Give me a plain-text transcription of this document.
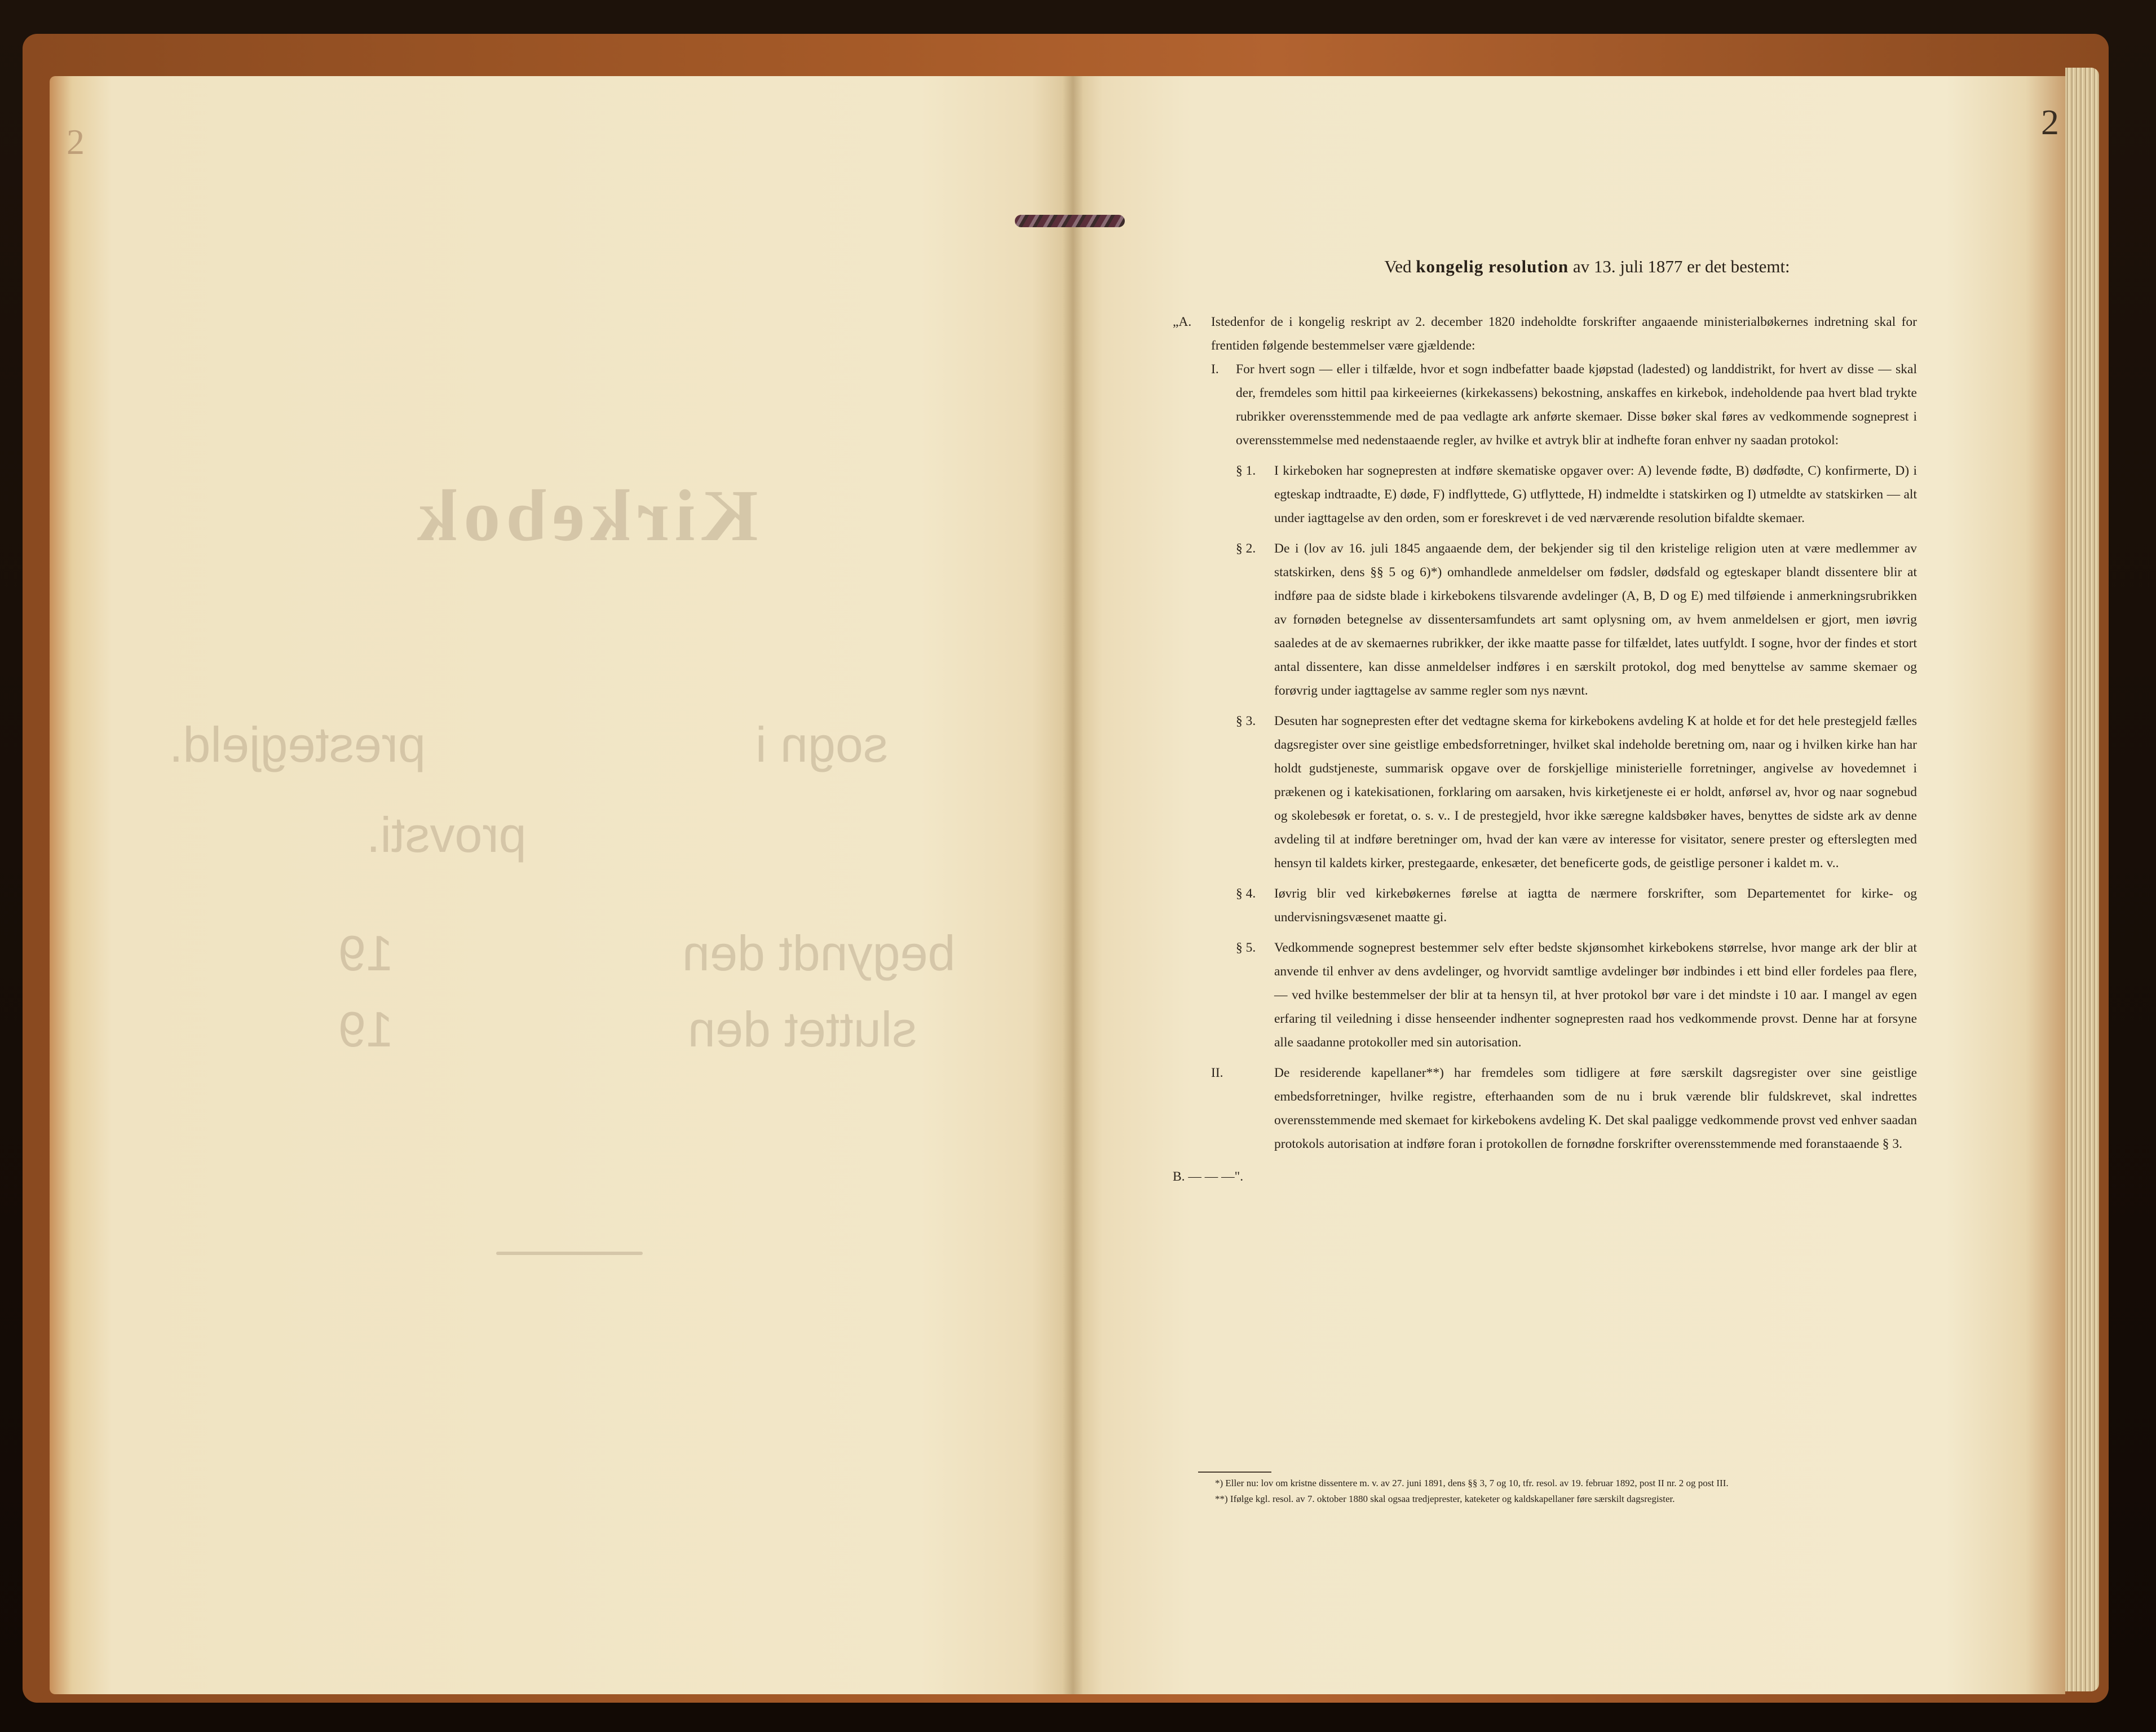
2
Kirkebok
sogn i
prestegjeld.
provsti.
begyndt den
sluttet den
19
19
2
Ved kongelig resolution av 13. juli 1877 er det bestemt:

„A. Istedenfor de i kongelig reskript av 2. december 1820 indeholdte forskrifter angaaende ministerialbøkernes indretning skal for frentiden følgende bestemmelser være gjældende:

I. For hvert sogn — eller i tilfælde, hvor et sogn indbefatter baade kjøpstad (ladested) og landdistrikt, for hvert av disse — skal der, fremdeles som hittil paa kirkeeiernes (kirkekassens) bekostning, anskaffes en kirkebok, indeholdende paa hvert blad trykte rubrikker overensstemmende med de paa vedlagte ark anførte skemaer. Disse bøker skal føres av vedkommende sogneprest i overensstemmelse med nedenstaaende regler, av hvilke et avtryk blir at indhefte foran enhver ny saadan protokol:

§ 1. I kirkeboken har sognepresten at indføre skematiske opgaver over: A) levende fødte, B) dødfødte, C) konfirmerte, D) i egteskap indtraadte, E) døde, F) indflyttede, G) utflyttede, H) indmeldte i statskirken og I) utmeldte av statskirken — alt under iagttagelse av den orden, som er foreskrevet i de ved nærværende resolution bifaldte skemaer.

§ 2. De i (lov av 16. juli 1845 angaaende dem, der bekjender sig til den kristelige religion uten at være medlemmer av statskirken, dens §§ 5 og 6)*) omhandlede anmeldelser om fødsler, dødsfald og egteskaper blandt dissentere blir at indføre paa de sidste blade i kirkebokens tilsvarende avdelinger (A, B, D og E) med tilføiende i anmerkningsrubrikken av fornøden betegnelse av dissentersamfundets art samt oplysning om, av hvem anmeldelsen er gjort, men iøvrig saaledes at de av skemaernes rubrikker, der ikke maatte passe for tilfældet, lates uutfyldt. I sogne, hvor der findes et stort antal dissentere, kan disse anmeldelser indføres i en særskilt protokol, dog med benyttelse av samme skemaer og forøvrig under iagttagelse av samme regler som nys nævnt.

§ 3. Desuten har sognepresten efter det vedtagne skema for kirkebokens avdeling K at holde et for det hele prestegjeld fælles dagsregister over sine geistlige embedsforretninger, hvilket skal indeholde beretning om, naar og i hvilken kirke han har holdt gudstjeneste, summarisk opgave over de forskjellige ministerielle forretninger, angivelse av hovedemnet i prækenen og i katekisationen, forklaring om aarsaken, hvis kirketjeneste ei er holdt, anførsel av, hvor og naar sognebud og skolebesøk er foretat, o. s. v.. I de prestegjeld, hvor ikke særegne kaldsbøker haves, benyttes de sidste ark av denne avdeling til at indføre beretninger om, hvad der kan være av interesse for visitator, senere prester og efterslegten med hensyn til kaldets kirker, prestegaarde, enkesæter, det beneficerte gods, de geistlige personer i kaldet m. v..

§ 4. Iøvrig blir ved kirkebøkernes førelse at iagtta de nærmere forskrifter, som Departementet for kirke- og undervisningsvæsenet maatte gi.

§ 5. Vedkommende sogneprest bestemmer selv efter bedste skjønsomhet kirkebokens størrelse, hvor mange ark der blir at anvende til enhver av dens avdelinger, og hvorvidt samtlige avdelinger bør indbindes i ett bind eller fordeles paa flere, — ved hvilke bestemmelser der blir at ta hensyn til, at hver protokol bør vare i det mindste i 10 aar. I mangel av egen erfaring til veiledning i disse henseender indhenter sognepresten raad hos vedkommende provst. Denne har at forsyne alle saadanne protokoller med sin autorisation.

II.	De residerende kapellaner**) har fremdeles som tidligere at føre særskilt dagsregister over sine geistlige embedsforretninger, hvilke registre, efterhaanden som de nu i bruk værende blir fuldskrevet, skal indrettes overensstemmende med skemaet for kirkebokens avdeling K. Det skal paaligge vedkommende provst ved enhver saadan protokols autorisation at indføre foran i protokollen de fornødne forskrifter overensstemmende med foranstaaende § 3.

B. — — —".

*) Eller nu: lov om kristne dissentere m. v. av 27. juni 1891, dens §§ 3, 7 og 10, tfr. resol. av 19. februar 1892, post II nr. 2 og post III.

**) Ifølge kgl. resol. av 7. oktober 1880 skal ogsaa tredjeprester, kateketer og kaldskapellaner føre særskilt dagsregister.
